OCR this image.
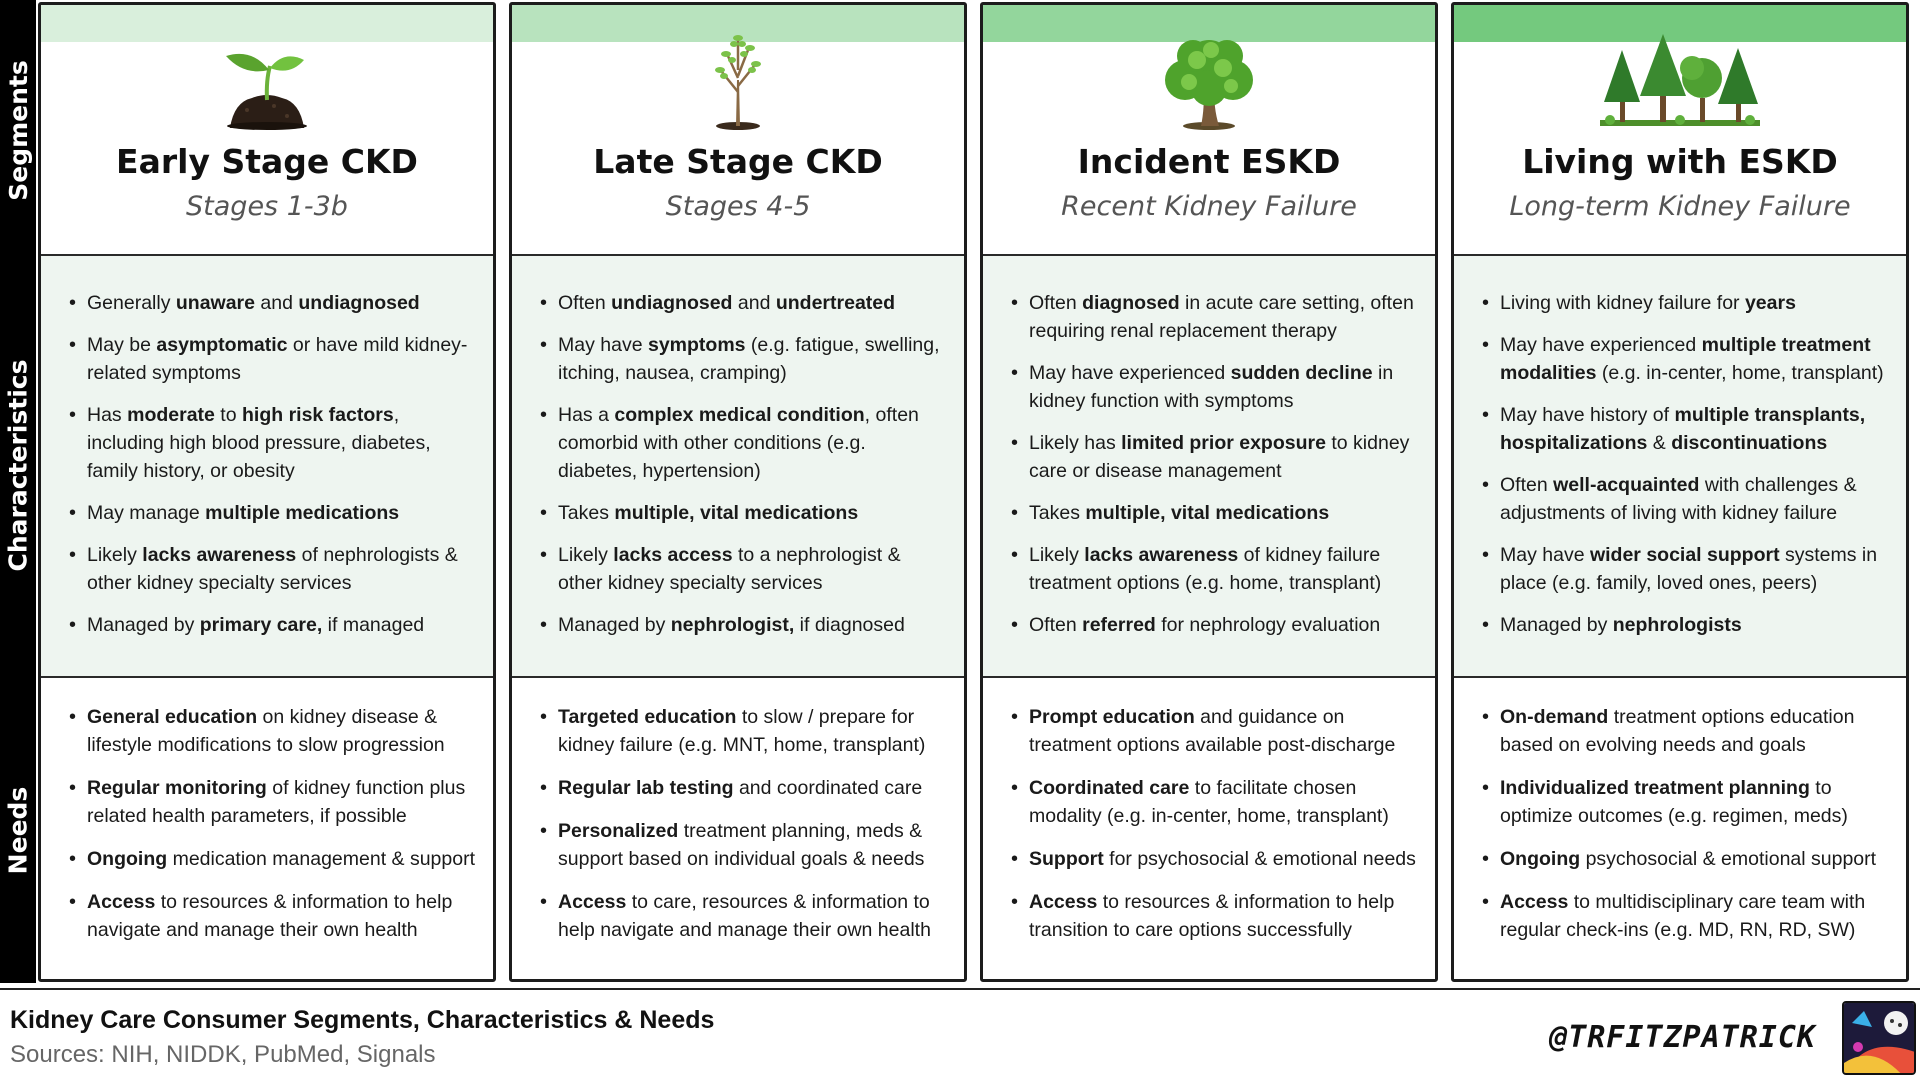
Segments
Characteristics
Needs
Early Stage CKD
Stages 1-3b
• Generally unaware and undiagnosed
• May be asymptomatic or have mild kidney-related symptoms
• Has moderate to high risk factors, including high blood pressure, diabetes, family history, or obesity
• May manage multiple medications
• Likely lacks awareness of nephrologists & other kidney specialty services
• Managed by primary care, if managed
• General education on kidney disease & lifestyle modifications to slow progression
• Regular monitoring of kidney function plus related health parameters, if possible
• Ongoing medication management & support
• Access to resources & information to help navigate and manage their own health
Late Stage CKD
Stages 4-5
• Often undiagnosed and undertreated
• May have symptoms (e.g. fatigue, swelling, itching, nausea, cramping)
• Has a complex medical condition, often comorbid with other conditions (e.g. diabetes, hypertension)
• Takes multiple, vital medications
• Likely lacks access to a nephrologist & other kidney specialty services
• Managed by nephrologist, if diagnosed
• Targeted education to slow / prepare for kidney failure (e.g. MNT, home, transplant)
• Regular lab testing and coordinated care
• Personalized treatment planning, meds & support based on individual goals & needs
• Access to care, resources & information to help navigate and manage their own health
Incident ESKD
Recent Kidney Failure
• Often diagnosed in acute care setting, often requiring renal replacement therapy
• May have experienced sudden decline in kidney function with symptoms
• Likely has limited prior exposure to kidney care or disease management
• Takes multiple, vital medications
• Likely lacks awareness of kidney failure treatment options (e.g. home, transplant)
• Often referred for nephrology evaluation
• Prompt education and guidance on treatment options available post-discharge
• Coordinated care to facilitate chosen modality (e.g. in-center, home, transplant)
• Support for psychosocial & emotional needs
• Access to resources & information to help transition to care options successfully
Living with ESKD
Long-term Kidney Failure
• Living with kidney failure for years
• May have experienced multiple treatment modalities (e.g. in-center, home, transplant)
• May have history of multiple transplants, hospitalizations & discontinuations
• Often well-acquainted with challenges & adjustments of living with kidney failure
• May have wider social support systems in place (e.g. family, loved ones, peers)
• Managed by nephrologists
• On-demand treatment options education based on evolving needs and goals
• Individualized treatment planning to optimize outcomes (e.g. regimen, meds)
• Ongoing psychosocial & emotional support
• Access to multidisciplinary care team with regular check-ins (e.g. MD, RN, RD, SW)
Kidney Care Consumer Segments, Characteristics & Needs
Sources: NIH, NIDDK, PubMed, Signals	@TRFITZPATRICK
